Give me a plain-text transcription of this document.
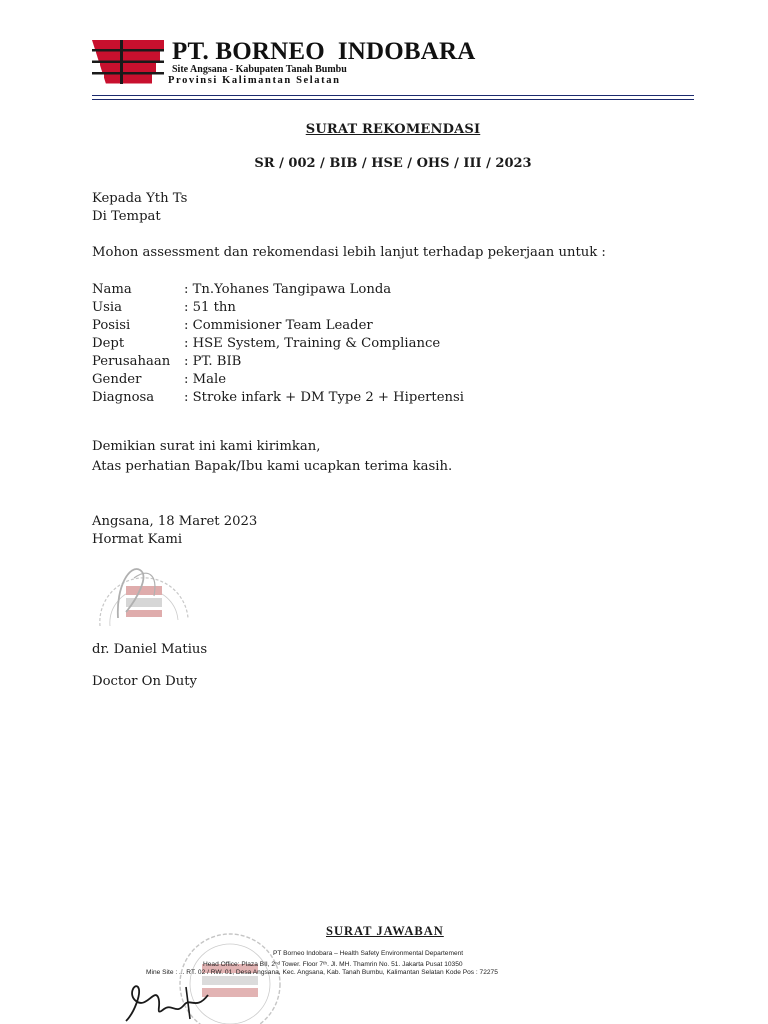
PT. BORNEO  INDOBARA
Site Angsana - Kabupaten Tanah Bumbu
Provinsi Kalimantan Selatan
SURAT REKOMENDASI
SR / 002 / BIB / HSE / OHS / III / 2023
Kepada Yth Ts
Di Tempat
Mohon assessment dan rekomendasi lebih lanjut terhadap pekerjaan untuk :
Nama	: Tn.Yohanes Tangipawa Londa
Usia	: 51 thn
Posisi	: Commisioner Team Leader
Dept	: HSE System, Training & Compliance
Perusahaan : PT. BIB
Gender	: Male
Diagnosa : Stroke infark + DM Type 2 + Hipertensi
Demikian surat ini kami kirimkan,
Atas perhatian Bapak/Ibu kami ucapkan terima kasih.
Angsana, 18 Maret 2023
Hormat Kami
dr. Daniel Matius
Doctor On Duty
SURAT JAWABAN
PT Borneo Indobara – Health Safety Environmental Departement
Head Office: Plaza BII, 2ⁿᵈ Tower. Floor 7ᵗʰ. Jl. MH. Thamrin No. 51. Jakarta Pusat 10350
Mine Site : ... RT. 02 / RW. 01, Desa Angsana, Kec. Angsana, Kab. Tanah Bumbu, Kalimantan Selatan Kode Pos : 72275
